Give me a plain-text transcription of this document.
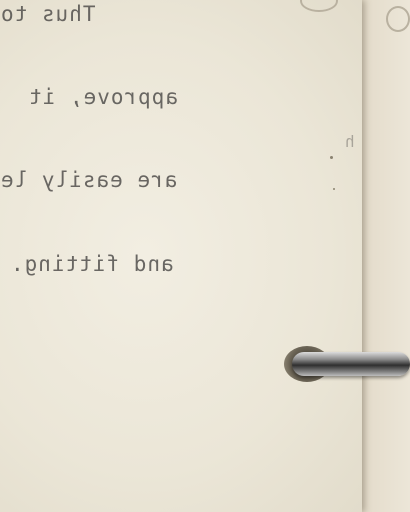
Thus to

approve, it

are easily le

and fitting.

h
